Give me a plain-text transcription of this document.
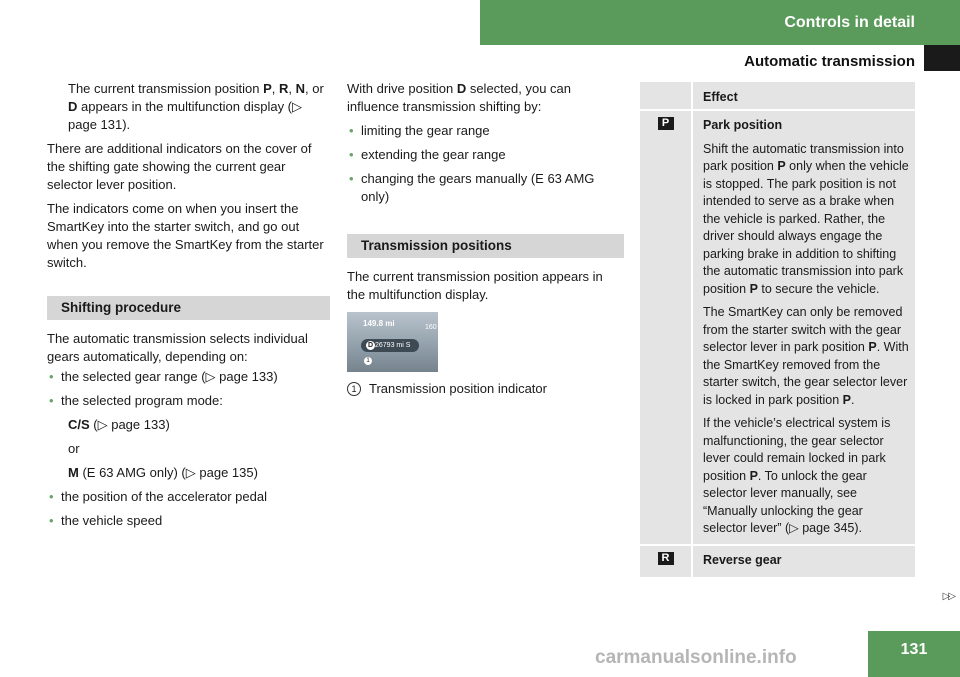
Controls in detail
Automatic transmission

The current transmission position P, R, N, or D appears in the multifunction display (▷ page 131).

There are additional indicators on the cover of the shifting gate showing the current gear selector lever position.

The indicators come on when you insert the SmartKey into the starter switch, and go out when you remove the SmartKey from the starter switch.

Shifting procedure

The automatic transmission selects individual gears automatically, depending on:

• the selected gear range (▷ page 133)
• the selected program mode:

C/S (▷ page 133)

or

M (E 63 AMG only) (▷ page 135)

• the position of the accelerator pedal
• the vehicle speed

With drive position D selected, you can influence transmission shifting by:

• limiting the gear range
• extending the gear range
• changing the gears manually (E 63 AMG only)
Transmission positions

The current transmission position appears in the multifunction display.

149.8 mi	160
26793 mi S
D
1
1 Transmission position indicator
Effect
P	Park position

Shift the automatic transmission into park position P only when the vehicle is stopped. The park position is not intended to serve as a brake when the vehicle is parked. Rather, the driver should always engage the parking brake in addition to shifting the automatic transmission into park position P to secure the vehicle.

The SmartKey can only be removed from the starter switch with the gear selector lever in park position P. With the SmartKey removed from the starter switch, the gear selector lever is locked in park position P.

If the vehicle’s electrical system is malfunctioning, the gear selector lever could remain locked in park position P. To unlock the gear selector lever manually, see “Manually unlocking the gear selector lever” (▷ page 345).

R	Reverse gear

▷▷
carmanualsonline.info	131
